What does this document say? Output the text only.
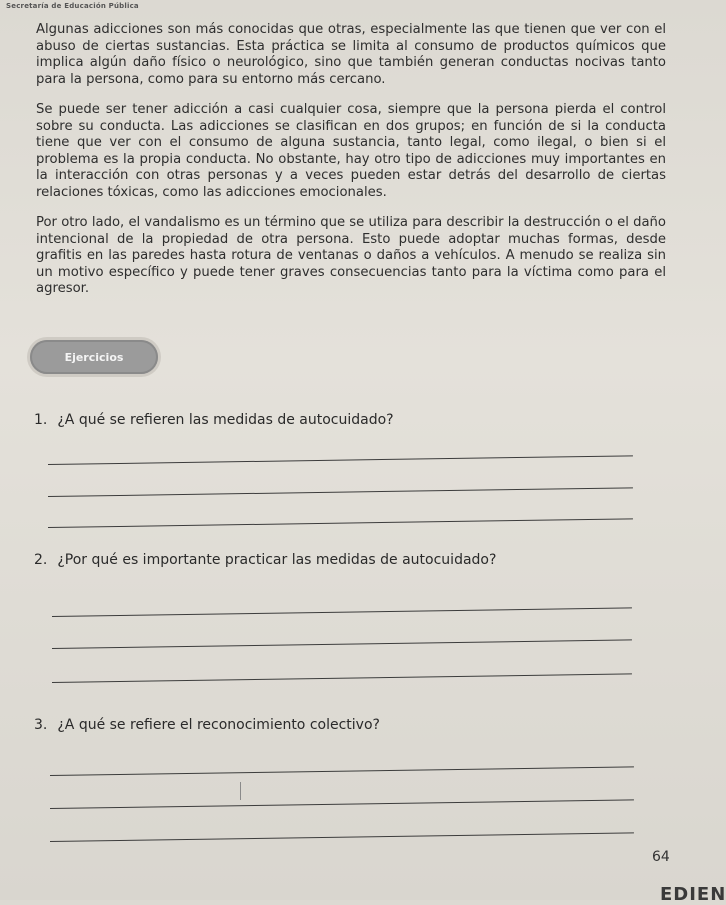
Secretaría de Educación Pública
Algunas adicciones son más conocidas que otras, especialmente las que tienen que ver con el abuso de ciertas sustancias. Esta práctica se limita al consumo de productos químicos que implica algún daño físico o neurológico, sino que también generan conductas nocivas tanto para la persona, como para su entorno más cercano.
Se puede ser tener adicción a casi cualquier cosa, siempre que la persona pierda el control sobre su conducta. Las adicciones se clasifican en dos grupos; en función de si la conducta tiene que ver con el consumo de alguna sustancia, tanto legal, como ilegal, o bien si el problema es la propia conducta. No obstante, hay otro tipo de adicciones muy importantes en la interacción con otras personas y a veces pueden estar detrás del desarrollo de ciertas relaciones tóxicas, como las adicciones emocionales.
Por otro lado, el vandalismo es un término que se utiliza para describir la destrucción o el daño intencional de la propiedad de otra persona. Esto puede adoptar muchas formas, desde grafitis en las paredes hasta rotura de ventanas o daños a vehículos. A menudo se realiza sin un motivo específico y puede tener graves consecuencias tanto para la víctima como para el agresor.
Ejercicios
1. ¿A qué se refieren las medidas de autocuidado?
2. ¿Por qué es importante practicar las medidas de autocuidado?
3. ¿A qué se refiere el reconocimiento colectivo?
64
EDIEN
